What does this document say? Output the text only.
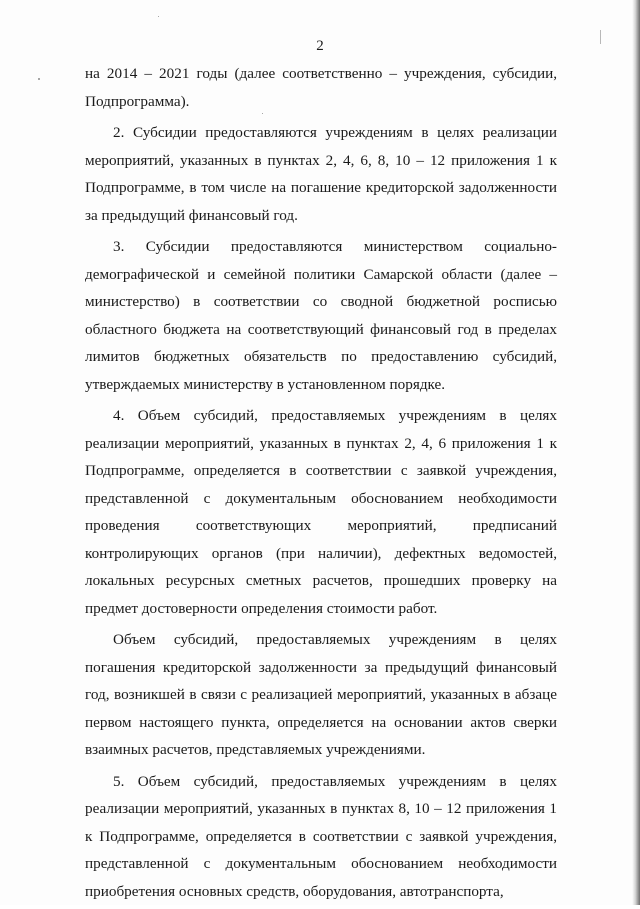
2

на 2014 – 2021 годы (далее соответственно – учреждения, субсидии, Подпрограмма).

2. Субсидии предоставляются учреждениям в целях реализации мероприятий, указанных в пунктах 2, 4, 6, 8, 10 – 12 приложения 1 к Подпрограмме, в том числе на погашение кредиторской задолженности за предыдущий финансовый год.

3. Субсидии предоставляются министерством социально-демографической и семейной политики Самарской области (далее – министерство) в соответствии со сводной бюджетной росписью областного бюджета на соответствующий финансовый год в пределах лимитов бюджетных обязательств по предоставлению субсидий, утверждаемых министерству в установленном порядке.

4. Объем субсидий, предоставляемых учреждениям в целях реализации мероприятий, указанных в пунктах 2, 4, 6 приложения 1 к Подпрограмме, определяется в соответствии с заявкой учреждения, представленной с документальным обоснованием необходимости проведения соответствующих мероприятий, предписаний контролирующих органов (при наличии), дефектных ведомостей, локальных ресурсных сметных расчетов, прошедших проверку на предмет достоверности определения стоимости работ.

Объем субсидий, предоставляемых учреждениям в целях погашения кредиторской задолженности за предыдущий финансовый год, возникшей в связи с реализацией мероприятий, указанных в абзаце первом настоящего пункта, определяется на основании актов сверки взаимных расчетов, представляемых учреждениями.

5. Объем субсидий, предоставляемых учреждениям в целях реализации мероприятий, указанных в пунктах 8, 10 – 12 приложения 1 к Подпрограмме, определяется в соответствии с заявкой учреждения, представленной с документальным обоснованием необходимости приобретения основных средств, оборудования, автотранспорта,
